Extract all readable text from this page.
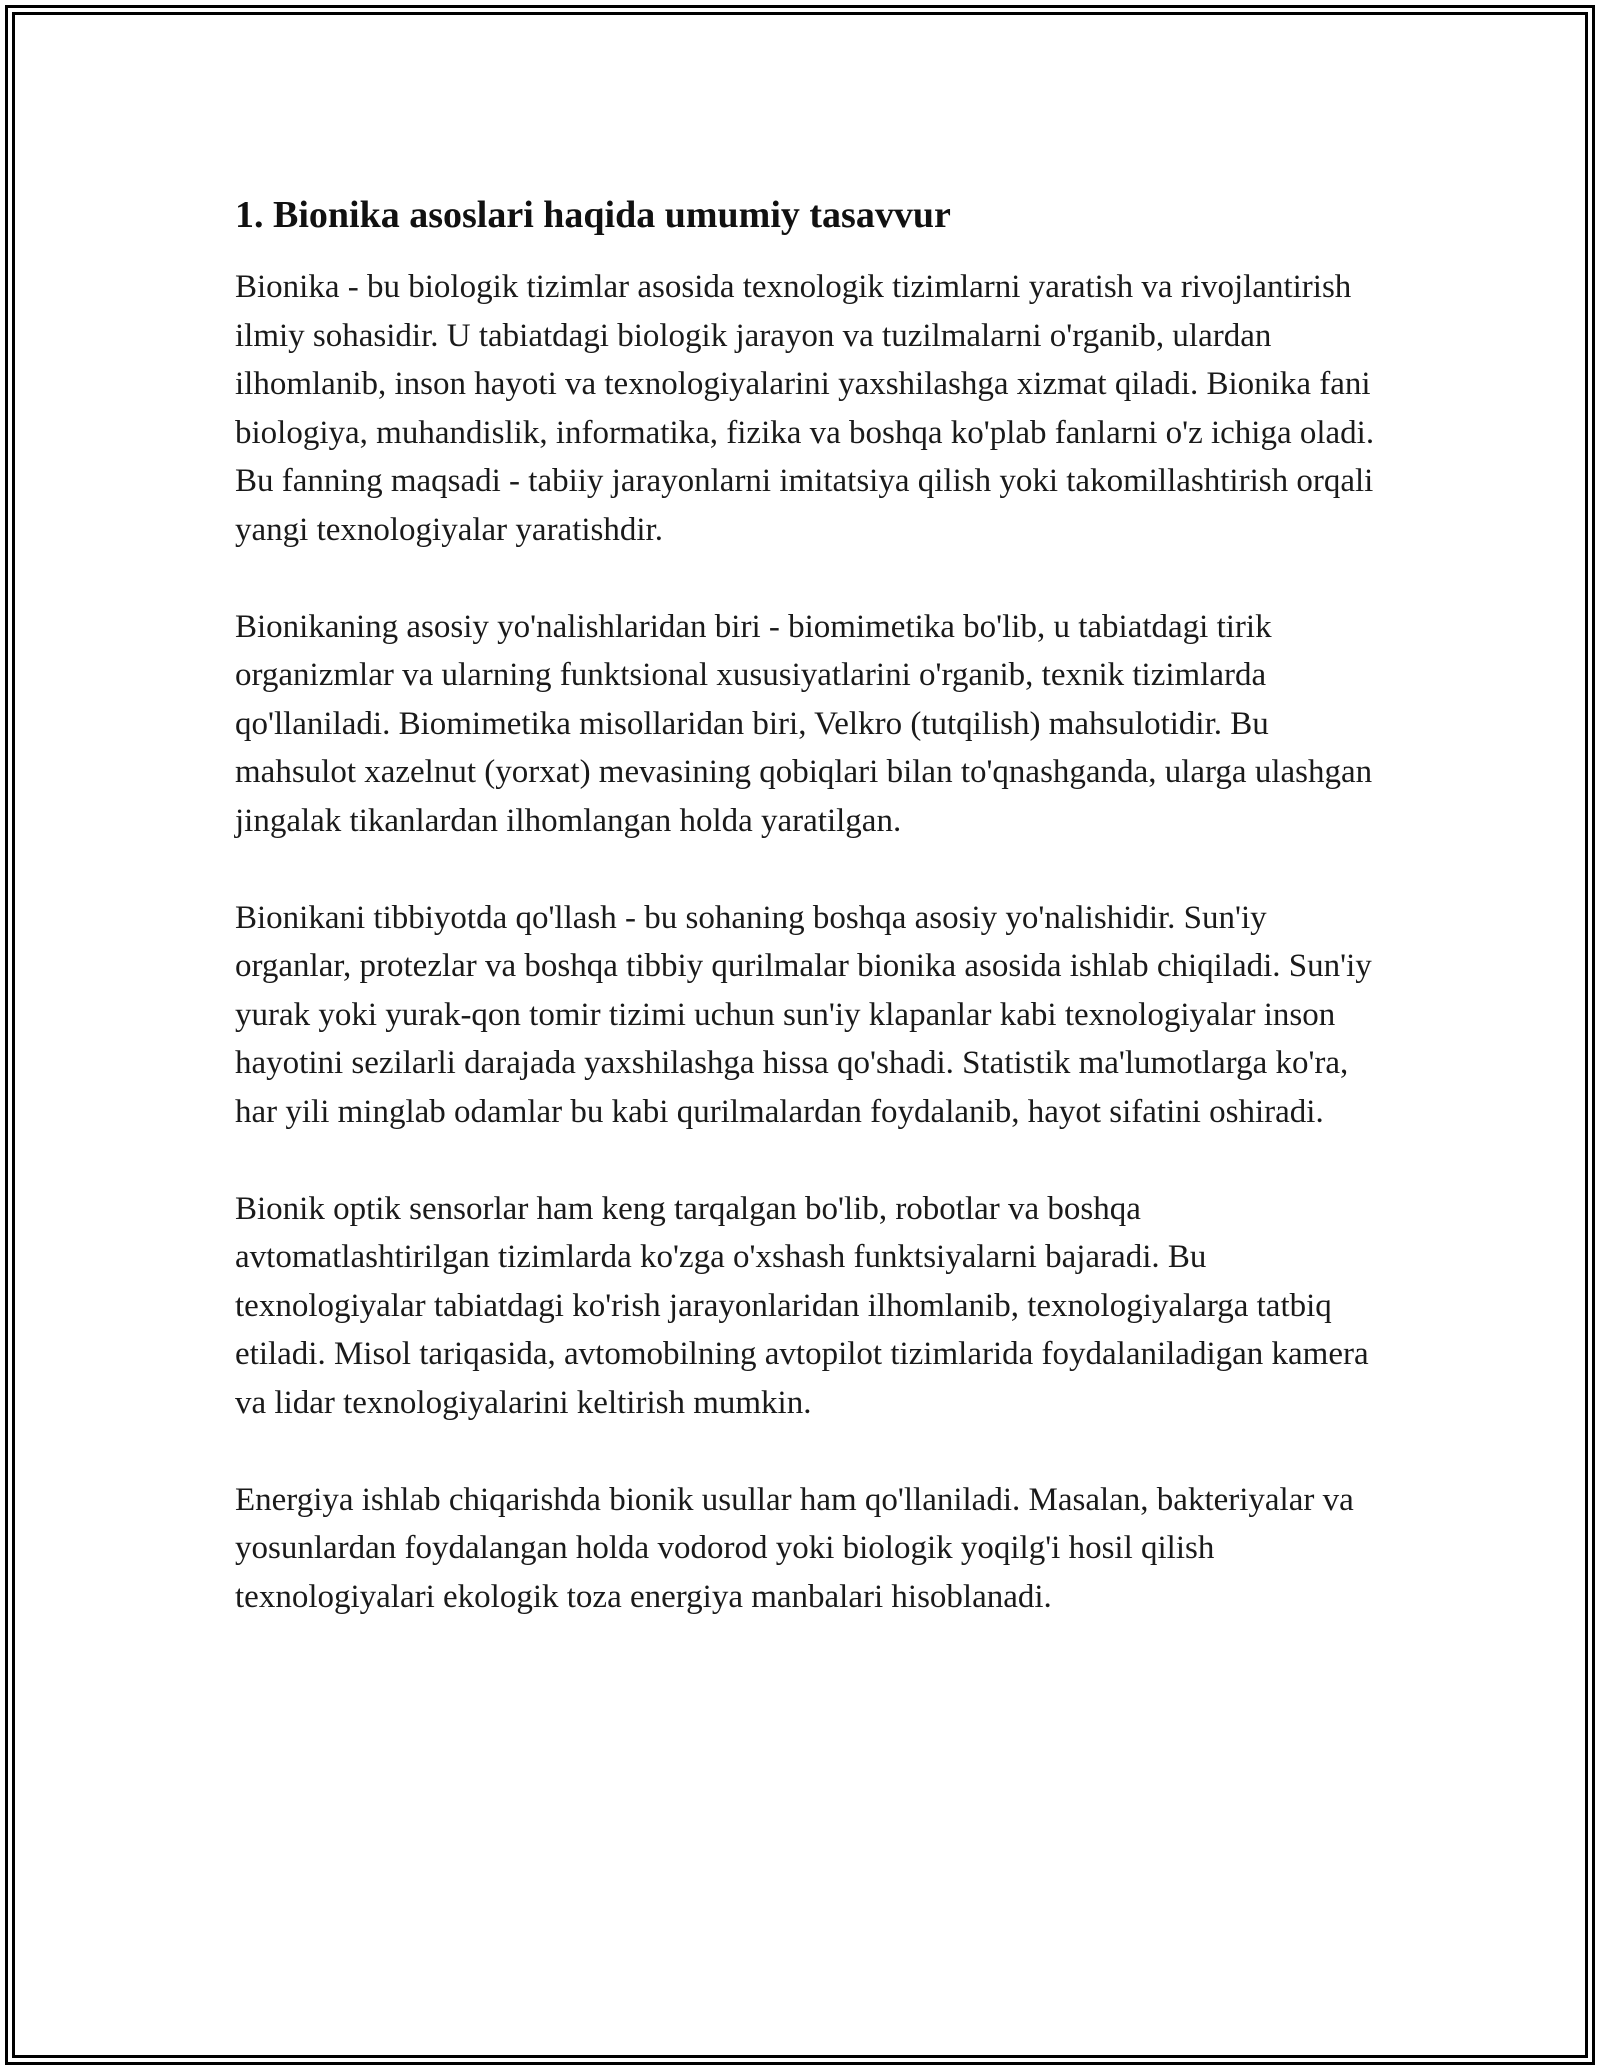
1. Bionika asoslari haqida umumiy tasavvur

Bionika - bu biologik tizimlar asosida texnologik tizimlarni yaratish va rivojlantirish ilmiy sohasidir. U tabiatdagi biologik jarayon va tuzilmalarni o'rganib, ulardan ilhomlanib, inson hayoti va texnologiyalarini yaxshilashga xizmat qiladi. Bionika fani biologiya, muhandislik, informatika, fizika va boshqa ko'plab fanlarni o'z ichiga oladi. Bu fanning maqsadi - tabiiy jarayonlarni imitatsiya qilish yoki takomillashtirish orqali yangi texnologiyalar yaratishdir.

Bionikaning asosiy yo'nalishlaridan biri - biomimetika bo'lib, u tabiatdagi tirik organizmlar va ularning funktsional xususiyatlarini o'rganib, texnik tizimlarda qo'llaniladi. Biomimetika misollaridan biri, Velkro (tutqilish) mahsulotidir. Bu mahsulot xazelnut (yorxat) mevasining qobiqlari bilan to'qnashganda, ularga ulashgan jingalak tikanlardan ilhomlangan holda yaratilgan.

Bionikani tibbiyotda qo'llash - bu sohaning boshqa asosiy yo'nalishidir. Sun'iy organlar, protezlar va boshqa tibbiy qurilmalar bionika asosida ishlab chiqiladi. Sun'iy yurak yoki yurak-qon tomir tizimi uchun sun'iy klapanlar kabi texnologiyalar inson hayotini sezilarli darajada yaxshilashga hissa qo'shadi. Statistik ma'lumotlarga ko'ra, har yili minglab odamlar bu kabi qurilmalardan foydalanib, hayot sifatini oshiradi.

Bionik optik sensorlar ham keng tarqalgan bo'lib, robotlar va boshqa avtomatlashtirilgan tizimlarda ko'zga o'xshash funktsiyalarni bajaradi. Bu texnologiyalar tabiatdagi ko'rish jarayonlaridan ilhomlanib, texnologiyalarga tatbiq etiladi. Misol tariqasida, avtomobilning avtopilot tizimlarida foydalaniladigan kamera va lidar texnologiyalarini keltirish mumkin.

Energiya ishlab chiqarishda bionik usullar ham qo'llaniladi. Masalan, bakteriyalar va yosunlardan foydalangan holda vodorod yoki biologik yoqilg'i hosil qilish texnologiyalari ekologik toza energiya manbalari hisoblanadi.
